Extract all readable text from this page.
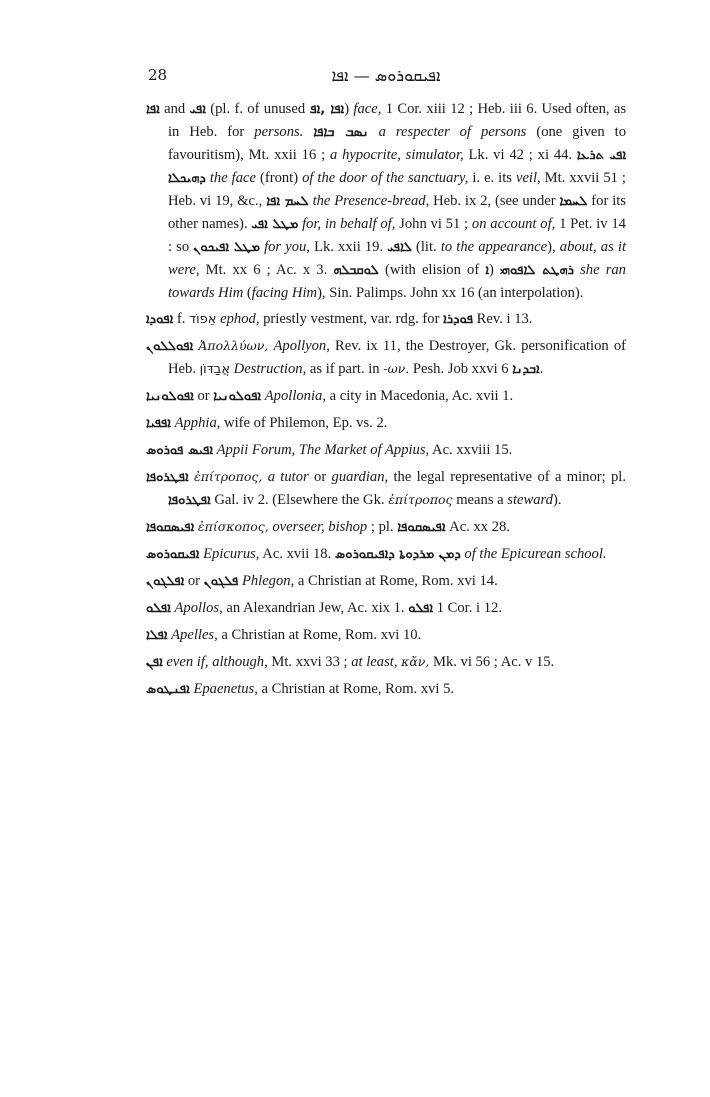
28	ܐܦܝܩܘܪܘܣ — ܐܦܐ

ܐܦܐ and ܐܦܝ (pl. f. of unused ܐܦܐ ,ܐܦ) face, 1 Cor. xiii 12 ; Heb. iii 6. Used often, as in Heb. for persons. ܢܣܒ ܒܐܦܐ a respecter of persons (one given to favouritism), Mt. xxii 16 ; a hypocrite, simulator, Lk. vi 42 ; xi 44. ܐܦܝ ܬܪܥܐ ܕܗܝܟܠܐ the face (front) of the door of the sanctuary, i. e. its veil, Mt. xxvii 51 ; Heb. vi 19, &c., ܠܚܡ ܐܦܐ the Presence-bread, Heb. ix 2, (see under ܠܚܡܐ for its other names). ܡܛܠ ܐܦܝ for, in behalf of, John vi 51 ; on account of, 1 Pet. iv 14 : so ܡܛܠ ܐܦܝܟܘܢ for you, Lk. xxii 19. ܠܐܦܝ (lit. to the appearance), about, as it were, Mt. xx 6 ; Ac. x 3. ܠܘܩܒܠܗ (with elision of ܐ) ܪܗܛܬ ܠܐܦܘܗܝ she ran towards Him (facing Him), Sin. Palimps. John xx 16 (an interpolation).

ܐܦܘܕܐ f. אֵפוֹד ephod, priestly vestment, var. rdg. for ܦܘܕܪܐ Rev. i 13.

ܐܦܘܠܠܘܢ Ἀπολλύων, Apollyon, Rev. ix 11, the Destroyer, Gk. personification of Heb. אֲבַדּוֹן Destruction, as if part. in -ων. Pesh. Job xxvi 6 ܐܒܕܢܐ.

ܐܦܘܠܘܢܝܐ or ܐܦܘܠܘܢܝܐ Apollonia, a city in Macedonia, Ac. xvii 1.

ܐܦܦܝܐ Apphia, wife of Philemon, Ep. vs. 2.

ܐܦܝܣ ܦܘܪܘܣ Appii Forum, The Market of Appius, Ac. xxviii 15.

ܐܦܛܪܘܦܐ ἐπίτροπος, a tutor or guardian, the legal representative of a minor; pl. ܐܦܛܪܘܦܐ Gal. iv 2. (Elsewhere the Gk. ἐπίτροπος means a steward).

ܐܦܝܣܩܘܦܐ ἐπίσκοπος, overseer, bishop ; pl. ܐܦܝܣܩܘܦܐ Ac. xx 28.

ܐܦܝܩܘܪܘܣ Epicurus, Ac. xvii 18. ܕܡܢ ܡܪܕܘܬܐ ܕܐܦܝܩܘܪܘܣ of the Epicurean school.

ܐܦܠܓܘܢ or ܦܠܓܘܢ Phlegon, a Christian at Rome, Rom. xvi 14.

ܐܦܠܘ Apollos, an Alexandrian Jew, Ac. xix 1. ܐܦܠܘ 1 Cor. i 12.

ܐܦܠܐ Apelles, a Christian at Rome, Rom. xvi 10.

ܐܦܢ even if, although, Mt. xxvi 33 ; at least, κἄν, Mk. vi 56 ; Ac. v 15.

ܐܦܢܛܘܣ Epaenetus, a Christian at Rome, Rom. xvi 5.
